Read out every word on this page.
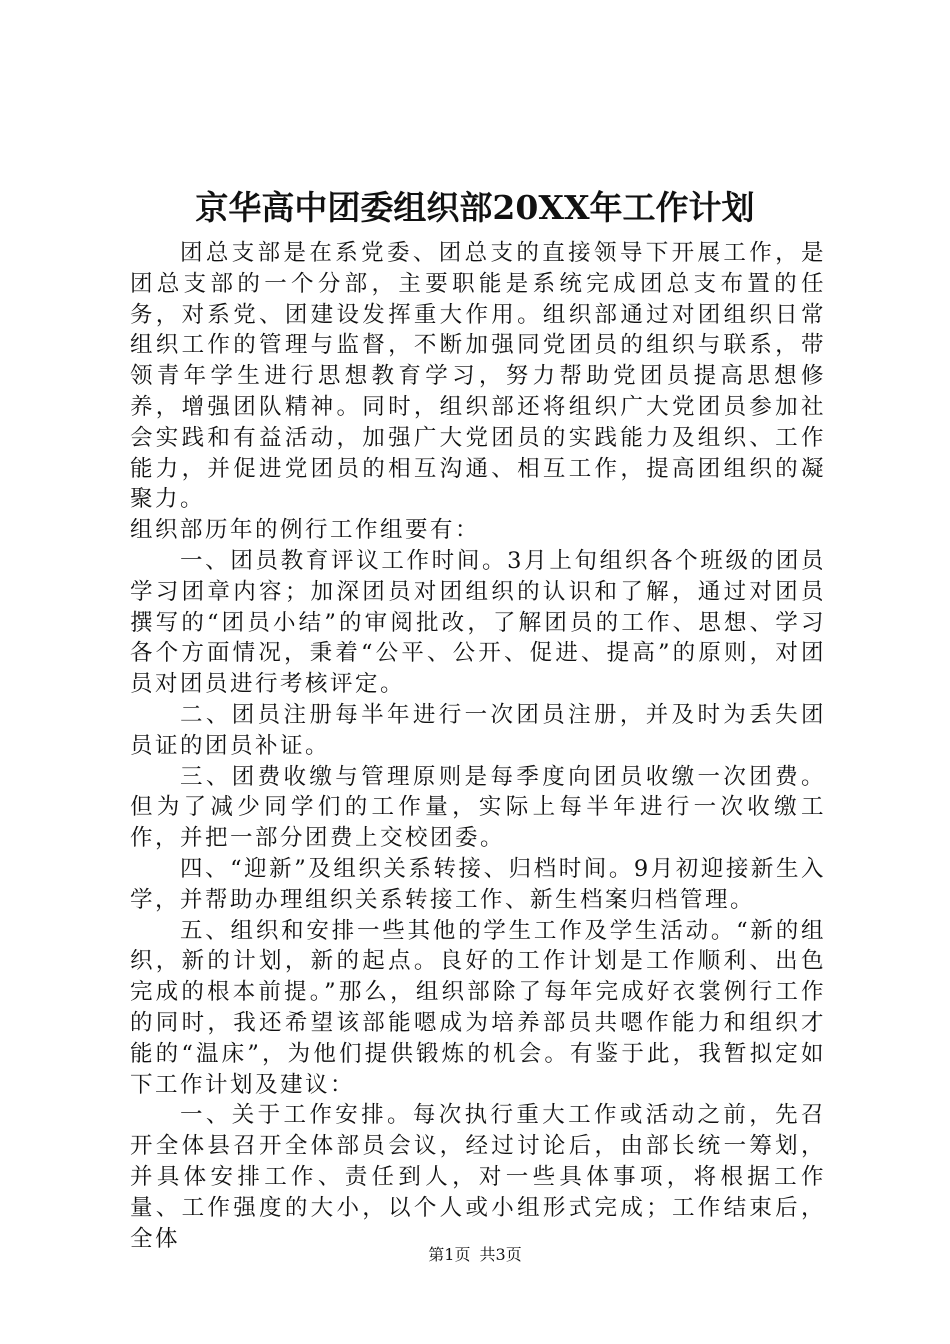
京华高中团委组织部20XX年工作计划

团总支部是在系党委、团总支的直接领导下开展工作，是团总支部的一个分部，主要职能是系统完成团总支布置的任务，对系党、团建设发挥重大作用。组织部通过对团组织日常组织工作的管理与监督，不断加强同党团员的组织与联系，带领青年学生进行思想教育学习，努力帮助党团员提高思想修养，增强团队精神。同时，组织部还将组织广大党团员参加社会实践和有益活动，加强广大党团员的实践能力及组织、工作能力，并促进党团员的相互沟通、相互工作，提高团组织的凝聚力。

组织部历年的例行工作组要有：

一、团员教育评议工作时间。3月上旬组织各个班级的团员学习团章内容；加深团员对团组织的认识和了解，通过对团员撰写的“团员小结”的审阅批改，了解团员的工作、思想、学习各个方面情况，秉着“公平、公开、促进、提高”的原则，对团员对团员进行考核评定。

二、团员注册每半年进行一次团员注册，并及时为丢失团员证的团员补证。

三、团费收缴与管理原则是每季度向团员收缴一次团费。但为了减少同学们的工作量，实际上每半年进行一次收缴工作，并把一部分团费上交校团委。

四、“迎新”及组织关系转接、归档时间。9月初迎接新生入学，并帮助办理组织关系转接工作、新生档案归档管理。

五、组织和安排一些其他的学生工作及学生活动。“新的组织，新的计划，新的起点。良好的工作计划是工作顺利、出色完成的根本前提。”那么，组织部除了每年完成好衣裳例行工作的同时，我还希望该部能嗯成为培养部员共嗯作能力和组织才能的“温床”，为他们提供锻炼的机会。有鉴于此，我暂拟定如下工作计划及建议：

一、关于工作安排。每次执行重大工作或活动之前，先召开全体县召开全体部员会议，经过讨论后，由部长统一筹划，并具体安排工作、责任到人，对一些具体事项，将根据工作量、工作强度的大小，以个人或小组形式完成；工作结束后，全体

第1页 共3页
